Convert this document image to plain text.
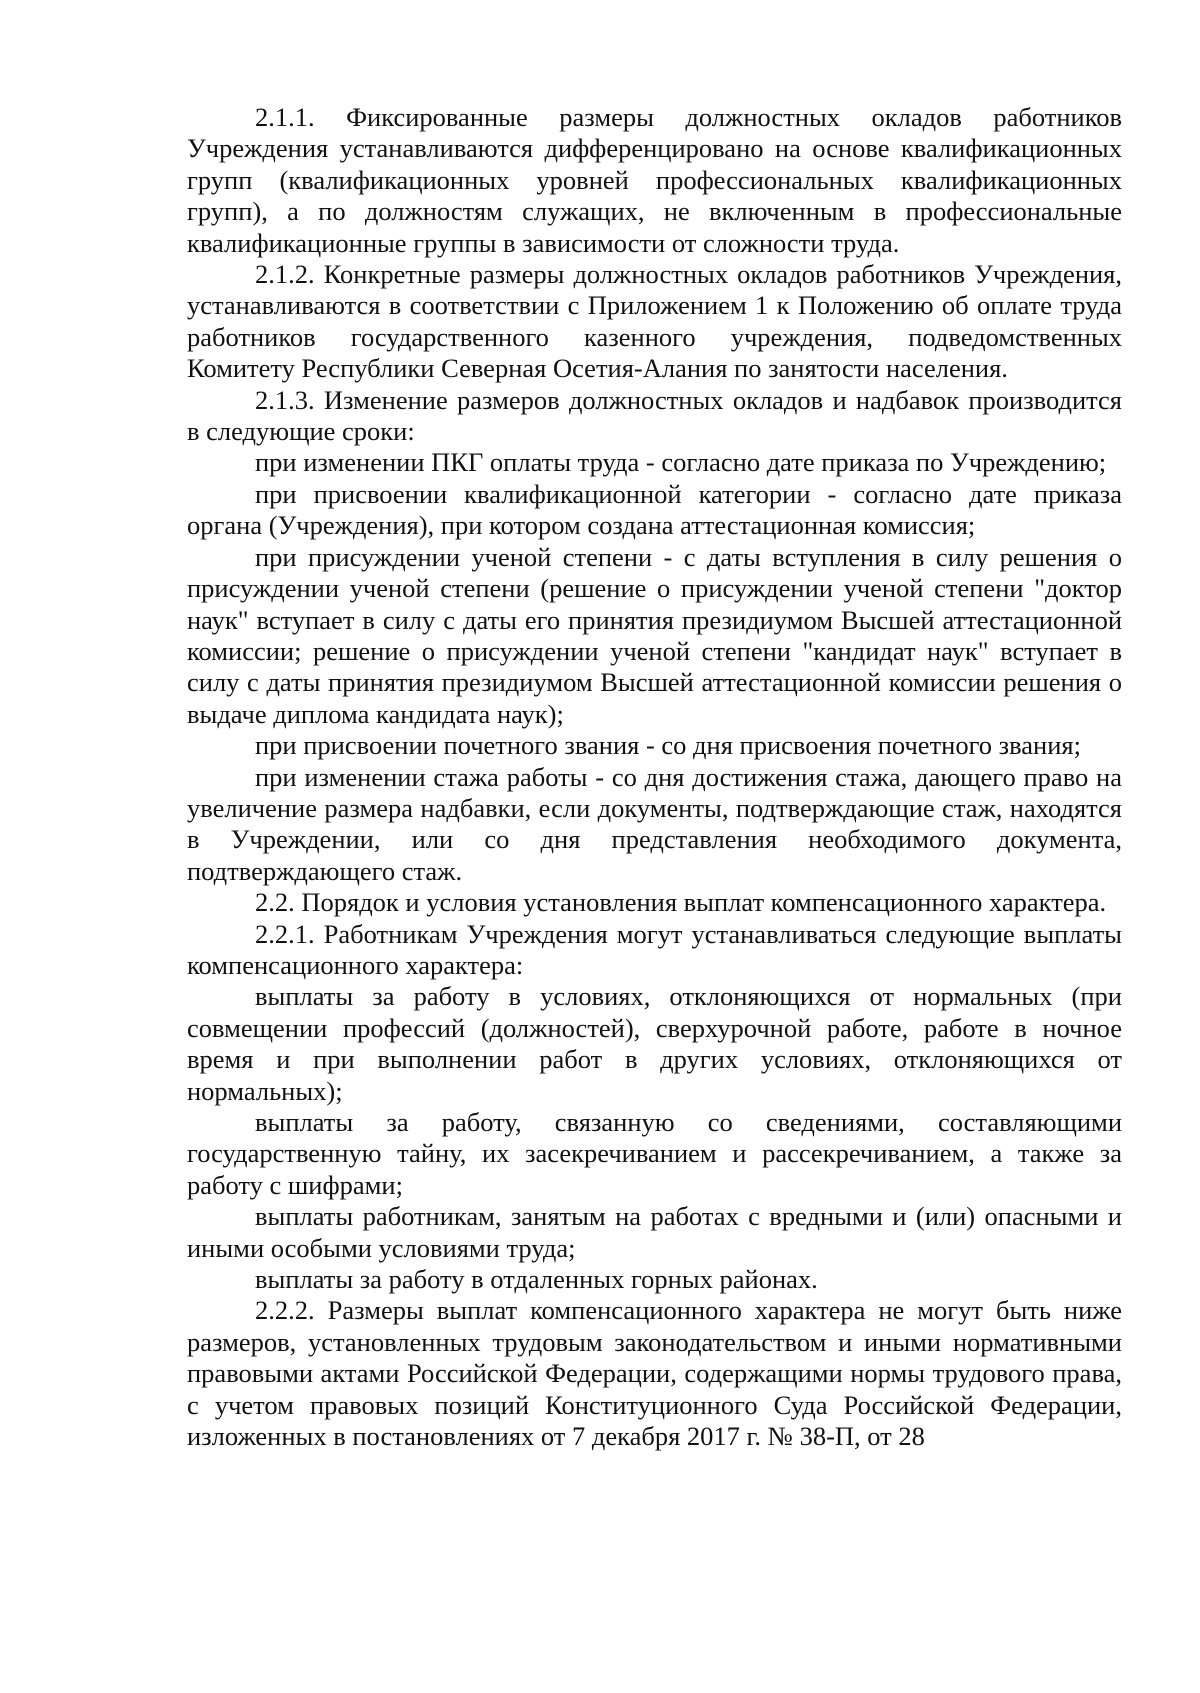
2.1.1. Фиксированные размеры должностных окладов работников Учреждения устанавливаются дифференцировано на основе квалификационных групп (квалификационных уровней профессиональных квалификационных групп), а по должностям служащих, не включенным в профессиональные квалификационные группы в зависимости от сложности труда.

2.1.2. Конкретные размеры должностных окладов работников Учреждения, устанавливаются в соответствии с Приложением 1 к Положению об оплате труда работников государственного казенного учреждения, подведомственных Комитету Республики Северная Осетия-Алания по занятости населения.

2.1.3. Изменение размеров должностных окладов и надбавок производится в следующие сроки:

при изменении ПКГ оплаты труда - согласно дате приказа по Учреждению;

при присвоении квалификационной категории - согласно дате приказа органа (Учреждения), при котором создана аттестационная комиссия;

при присуждении ученой степени - с даты вступления в силу решения о присуждении ученой степени (решение о присуждении ученой степени "доктор наук" вступает в силу с даты его принятия президиумом Высшей аттестационной комиссии; решение о присуждении ученой степени "кандидат наук" вступает в силу с даты принятия президиумом Высшей аттестационной комиссии решения о выдаче диплома кандидата наук);

при присвоении почетного звания - со дня присвоения почетного звания;

при изменении стажа работы - со дня достижения стажа, дающего право на увеличение размера надбавки, если документы, подтверждающие стаж, находятся в Учреждении, или со дня представления необходимого документа, подтверждающего стаж.

2.2. Порядок и условия установления выплат компенсационного характера.

2.2.1. Работникам Учреждения могут устанавливаться следующие выплаты компенсационного характера:

выплаты за работу в условиях, отклоняющихся от нормальных (при совмещении профессий (должностей), сверхурочной работе, работе в ночное время и при выполнении работ в других условиях, отклоняющихся от нормальных);

выплаты за работу, связанную со сведениями, составляющими государственную тайну, их засекречиванием и рассекречиванием, а также за работу с шифрами;

выплаты работникам, занятым на работах с вредными и (или) опасными и иными особыми условиями труда;

выплаты за работу в отдаленных горных районах.

2.2.2. Размеры выплат компенсационного характера не могут быть ниже размеров, установленных трудовым законодательством и иными нормативными правовыми актами Российской Федерации, содержащими нормы трудового права, с учетом правовых позиций Конституционного Суда Российской Федерации, изложенных в постановлениях от 7 декабря 2017 г. № 38-П, от 28
